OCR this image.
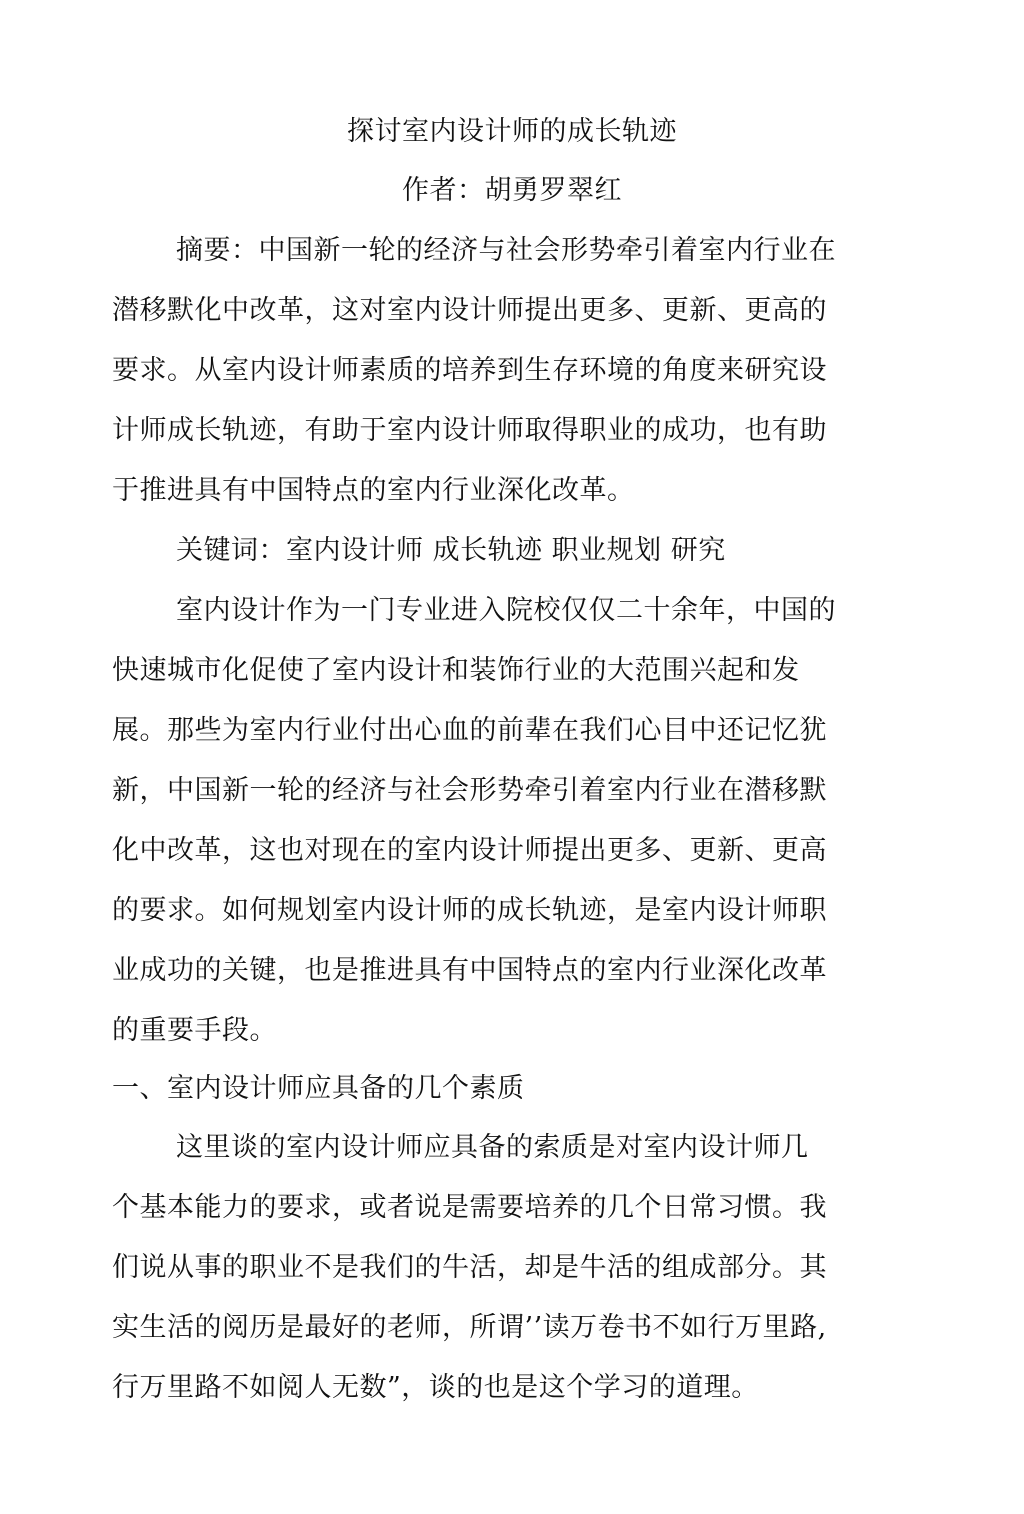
探讨室内设计师的成长轨迹
作者：胡勇罗翠红
摘要：中国新一轮的经济与社会形势牵引着室内行业在
潜移默化中改革，这对室内设计师提出更多、更新、更高的
要求。从室内设计师素质的培养到生存环境的角度来研究设
计师成长轨迹，有助于室内设计师取得职业的成功，也有助
于推进具有中国特点的室内行业深化改革。
关键词：室内设计师 成长轨迹 职业规划 研究
室内设计作为一门专业进入院校仅仅二十余年，中国的
快速城市化促使了室内设计和装饰行业的大范围兴起和发
展。那些为室内行业付出心血的前辈在我们心目中还记忆犹
新，中国新一轮的经济与社会形势牵引着室内行业在潜移默
化中改革，这也对现在的室内设计师提出更多、更新、更高
的要求。如何规划室内设计师的成长轨迹，是室内设计师职
业成功的关键，也是推进具有中国特点的室内行业深化改革
的重要手段。
一、室内设计师应具备的几个素质
这里谈的室内设计师应具备的索质是对室内设计师几
个基本能力的要求，或者说是需要培养的几个日常习惯。我
们说从事的职业不是我们的牛活，却是牛活的组成部分。其
实生活的阅历是最好的老师，所谓’’读万卷书不如行万里路,
行万里路不如阅人无数”，谈的也是这个学习的道理。
